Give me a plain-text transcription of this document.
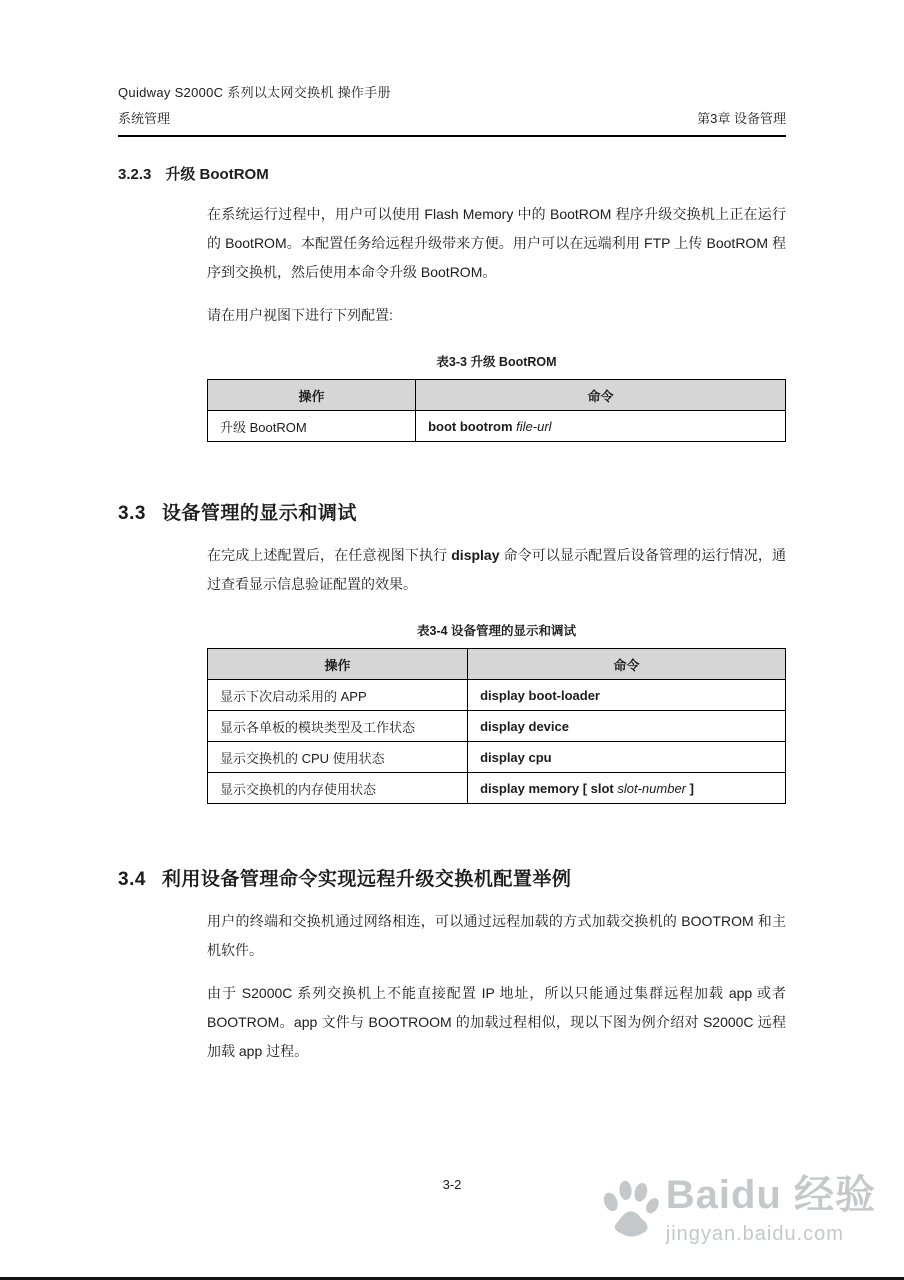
Quidway S2000C 系列以太网交换机 操作手册
系统管理	第3章 设备管理
3.2.3 升级 BootROM

在系统运行过程中，用户可以使用 Flash Memory 中的 BootROM 程序升级交换机上正在运行的 BootROM。本配置任务给远程升级带来方便。用户可以在远端利用 FTP 上传 BootROM 程序到交换机，然后使用本命令升级 BootROM。

请在用户视图下进行下列配置:

表3-3 升级 BootROM
操作	命令
升级 BootROM	boot bootrom file-url
3.3 设备管理的显示和调试

在完成上述配置后，在任意视图下执行 display 命令可以显示配置后设备管理的运行情况，通过查看显示信息验证配置的效果。

表3-4 设备管理的显示和调试
操作	命令
显示下次启动采用的 APP	display boot-loader
显示各单板的模块类型及工作状态	display device
显示交换机的 CPU 使用状态	display cpu
显示交换机的内存使用状态	display memory [ slot slot-number ]
3.4 利用设备管理命令实现远程升级交换机配置举例

用户的终端和交换机通过网络相连，可以通过远程加载的方式加载交换机的 BOOTROM 和主机软件。

由于 S2000C 系列交换机上不能直接配置 IP 地址，所以只能通过集群远程加载 app 或者 BOOTROM。app 文件与 BOOTROOM 的加载过程相似，现以下图为例介绍对 S2000C 远程加载 app 过程。

3-2	Baidu 经验
jingyan.baidu.com
